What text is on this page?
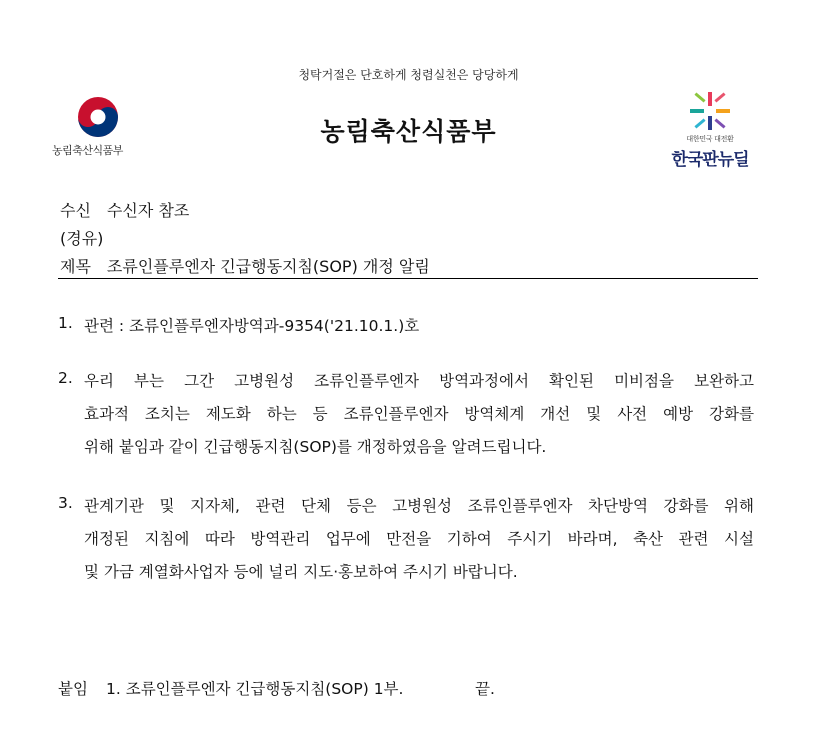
청탁거절은 단호하게 청렴실천은 당당하게
농림축산식품부
농림축산식품부	대한민국 대전환
한국판뉴딜
수신 수신자 참조
(경유)
제목 조류인플루엔자 긴급행동지침(SOP) 개정 알림
1. 관련 : 조류인플루엔자방역과-9354('21.10.1.)호
2. 우리 부는 그간 고병원성 조류인플루엔자 방역과정에서 확인된 미비점을 보완하고
효과적 조치는 제도화 하는 등 조류인플루엔자 방역체계 개선 및 사전 예방 강화를
위해 붙임과 같이 긴급행동지침(SOP)를 개정하였음을 알려드립니다.
3. 관계기관 및 지자체, 관련 단체 등은 고병원성 조류인플루엔자 차단방역 강화를 위해
개정된 지침에 따라 방역관리 업무에 만전을 기하여 주시기 바라며, 축산 관련 시설
및 가금 계열화사업자 등에 널리 지도·홍보하여 주시기 바랍니다.
붙임 1. 조류인플루엔자 긴급행동지침(SOP) 1부.	끝.
